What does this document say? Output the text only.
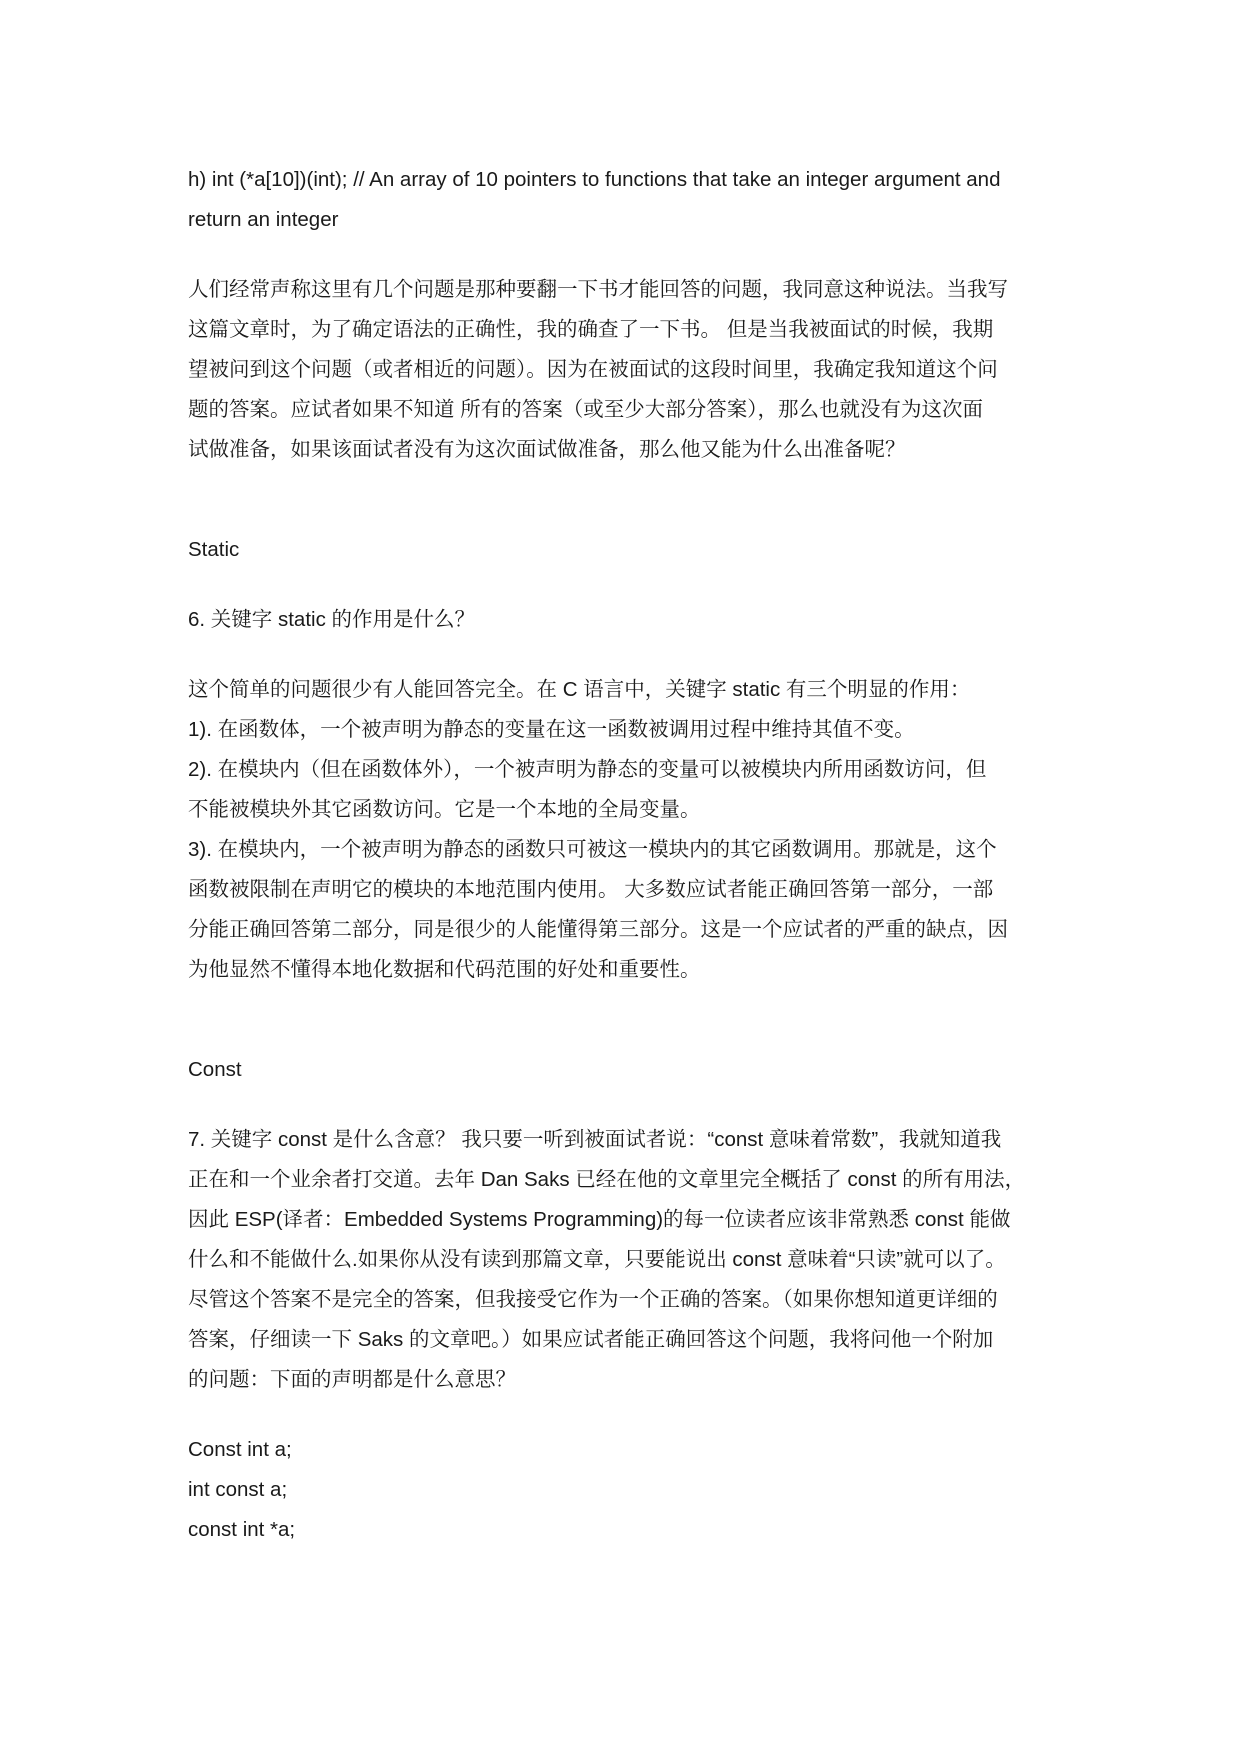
h) int (*a[10])(int); // An array of 10 pointers to functions that take an integer argument and

return an integer

人们经常声称这里有几个问题是那种要翻一下书才能回答的问题，我同意这种说法。当我写

这篇文章时，为了确定语法的正确性，我的确查了一下书。 但是当我被面试的时候，我期

望被问到这个问题（或者相近的问题）。因为在被面试的这段时间里，我确定我知道这个问

题的答案。应试者如果不知道 所有的答案（或至少大部分答案），那么也就没有为这次面

试做准备，如果该面试者没有为这次面试做准备，那么他又能为什么出准备呢？

Static

6. 关键字 static 的作用是什么？

这个简单的问题很少有人能回答完全。在 C 语言中，关键字 static 有三个明显的作用：

1). 在函数体，一个被声明为静态的变量在这一函数被调用过程中维持其值不变。

2). 在模块内（但在函数体外），一个被声明为静态的变量可以被模块内所用函数访问，但

不能被模块外其它函数访问。它是一个本地的全局变量。

3). 在模块内，一个被声明为静态的函数只可被这一模块内的其它函数调用。那就是，这个

函数被限制在声明它的模块的本地范围内使用。 大多数应试者能正确回答第一部分，一部

分能正确回答第二部分，同是很少的人能懂得第三部分。这是一个应试者的严重的缺点，因

为他显然不懂得本地化数据和代码范围的好处和重要性。

Const

7. 关键字 const 是什么含意？ 我只要一听到被面试者说：“const 意味着常数”，我就知道我

正在和一个业余者打交道。去年 Dan Saks 已经在他的文章里完全概括了 const 的所有用法，

因此 ESP(译者：Embedded Systems Programming)的每一位读者应该非常熟悉 const 能做

什么和不能做什么.如果你从没有读到那篇文章，只要能说出 const 意味着“只读”就可以了。

尽管这个答案不是完全的答案，但我接受它作为一个正确的答案。（如果你想知道更详细的

答案，仔细读一下 Saks 的文章吧。）如果应试者能正确回答这个问题，我将问他一个附加

的问题：下面的声明都是什么意思？

Const int a;

int const a;

const int *a;
